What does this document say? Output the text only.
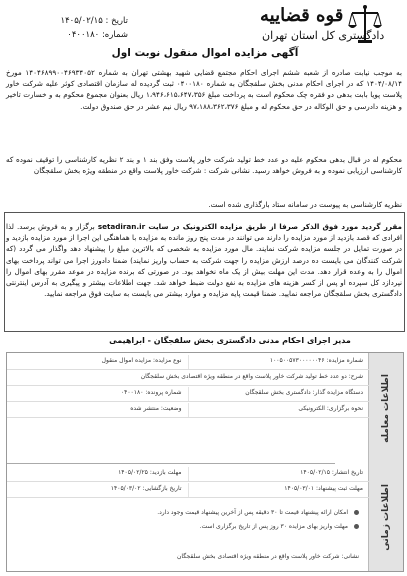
قوه قضاییه
دادگستری کل استان تهران
تاریخ : ۱۴۰۵/۰۲/۱۵
شماره: ۰۴۰۰۱۸۰
آگهی مزایده اموال منقول نوبت اول
به موجب نیابت صادره از شعبه ششم اجرای احکام مجتمع قضایی شهید بهشتی تهران به شماره ۱۴۰۴۶۸۹۹۰۰۴۶۹۳۴۰۵۲ مورخ ۱۴۰۴/۰۸/۱۴ که در اجرای احکام مدنی بخش سلقجگان به شماره ۰۴۰۰۱۸۰ ثبت گردیده له سازمان اقتصادی کوثر علیه شرکت خاور پلاست پویا بابت بدهی دو فقره چک محکوم است به پرداخت مبلغ ۱،۹۴۶،۶۱۵،۶۴۷،۳۵۶ ریال بعنوان مجموع محکوم به و خسارت تاخیر و هزینه دادرسی و حق الوکاله در حق محکوم له و مبلغ ۹۷،۱۸۸،۳۶۲،۳۷۶ ریال نیم عشر در حق صندوق دولت.
محکوم له در قبال بدهی محکوم علیه دو عدد خط تولید شرکت خاور پلاست وفق بند ۱ و بند ۲ نظریه کارشناسی را توقیف نموده که کارشناسی ارزیابی نموده و به فروش خواهد رسید. نشانی شرکت : شرکت خاور پلاست واقع در منطقه ویژه بخش سلقجگان
نظریه کارشناسی به پیوست در سامانه ستاد بارگذاری شده است.
مقرر گردید مورد فوق الذکر صرفا از طریق مزایده الکترونیک در سایت setadiran.ir برگزار و به فروش برسد. لذا افرادی که قصد بازدید از مورد مزایده را دارند می توانند در مدت پنج روز مانده به مزایده با هماهنگی این اجرا از مورد مزایده بازدید و در صورت تمایل در جلسه مزایده شرکت نمایند. مال مورد مزایده به شخصی که بالاترین مبلغ را پیشنهاد دهد واگذار می گردد (که شرکت کنندگان می بایست ده درصد ارزش مزایده را جهت شرکت به حساب واریز نمایند) ضمنا دادورز اجرا می تواند پرداخت بهای اموال را به وعده قرار دهد. مدت این مهلت بیش از یک ماه نخواهد بود. در صورتی که برنده مزایده در موعد مقرر بهای اموال را نپردازد کل سپرده او پس از کسر هزینه های مزایده به نفع دولت ضبط خواهد شد. جهت اطلاعات بیشتر و پیگیری به آدرس اینترنتی دادگستری بخش سلقجگان مراجعه نمایید. ضمنا قیمت پایه مزایده و موارد بیشتر می بایست به سایت فوق مراجعه نمایید.
مدیر اجرای احکام مدنی دادگستری بخش سلقجگان - ابراهیمی
اطلاعات معامله
اطلاعات زمانی
شماره مزایده: ۱۰۰۵۰۰۵۷۳۰۰۰۰۰۰۴۶
نوع مزایده: مزایده اموال منقول
شرح: دو عدد خط تولید شرکت خاور پلاست واقع در منطقه ویژه اقتصادی بخش سلقجگان
دستگاه مزایده گذار: دادگستری بخش سلقجگان
شماره پرونده: ۰۴۰۰۱۸۰
نحوه برگزاری: الکترونیکی
وضعیت: منتشر شده
تاریخ انتشار: ۱۴۰۵/۰۲/۱۵
مهلت بازدید: ۱۴۰۵/۰۲/۲۵
مهلت ثبت پیشنهاد: ۱۴۰۵/۰۳/۰۱
تاریخ بازگشایی: ۱۴۰۵/۰۳/۰۲
امکان ارائه پیشنهاد قیمت تا ۳۰ دقیقه پس از آخرین پیشنهاد قیمت وجود دارد.
مهلت واریز بهای مزایده ۳۰ روز پس از تاریخ برگزاری است.
نشانی: شرکت خاور پلاست واقع در منطقه ویژه اقتصادی بخش سلقجگان
